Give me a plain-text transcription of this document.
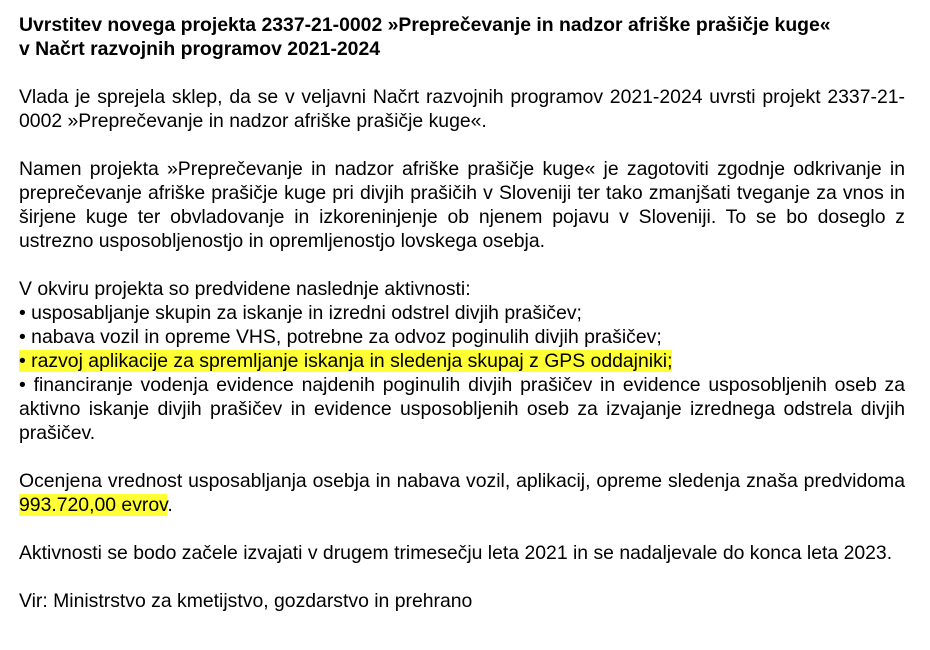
Uvrstitev novega projekta 2337-21-0002 »Preprečevanje in nadzor afriške prašičje kuge«
v Načrt razvojnih programov 2021-2024

Vlada je sprejela sklep, da se v veljavni Načrt razvojnih programov 2021-2024 uvrsti projekt 2337-21-0002 »Preprečevanje in nadzor afriške prašičje kuge«.

Namen projekta »Preprečevanje in nadzor afriške prašičje kuge« je zagotoviti zgodnje odkrivanje in preprečevanje afriške prašičje kuge pri divjih prašičih v Sloveniji ter tako zmanjšati tveganje za vnos in širjene kuge ter obvladovanje in izkoreninjenje ob njenem pojavu v Sloveniji. To se bo doseglo z ustrezno usposobljenostjo in opremljenostjo lovskega osebja.

V okviru projekta so predvidene naslednje aktivnosti:
• usposabljanje skupin za iskanje in izredni odstrel divjih prašičev;
• nabava vozil in opreme VHS, potrebne za odvoz poginulih divjih prašičev;
• razvoj aplikacije za spremljanje iskanja in sledenja skupaj z GPS oddajniki;
• financiranje vodenja evidence najdenih poginulih divjih prašičev in evidence usposobljenih oseb za aktivno iskanje divjih prašičev in evidence usposobljenih oseb za izvajanje izrednega odstrela divjih prašičev.

Ocenjena vrednost usposabljanja osebja in nabava vozil, aplikacij, opreme sledenja znaša predvidoma 993.720,00 evrov.

Aktivnosti se bodo začele izvajati v drugem trimesečju leta 2021 in se nadaljevale do konca leta 2023.

Vir: Ministrstvo za kmetijstvo, gozdarstvo in prehrano
